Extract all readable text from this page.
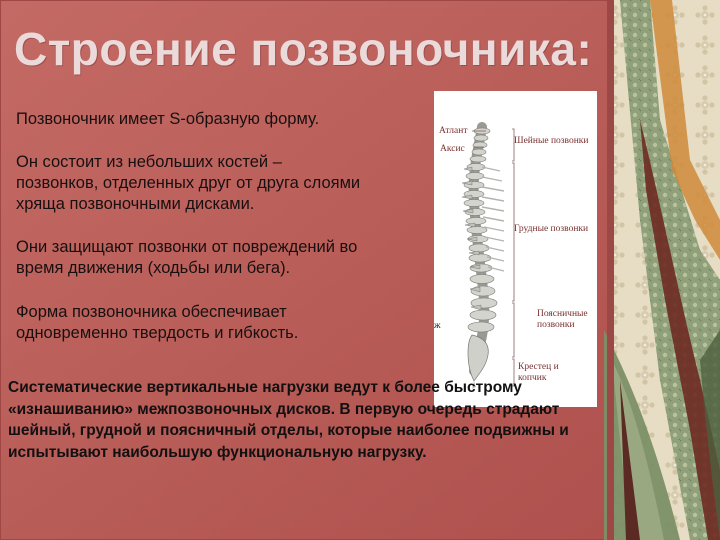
Строение позвоночника:

Позвоночник имеет S-образную форму.

Он состоит из небольших костей – позвонков, отделенных друг от друга слоями хряща позвоночными дисками.

Они защищают позвонки от повреждений во время движения (ходьбы или бега).

Форма позвоночника обеспечивает одновременно твердость и гибкость.

Атлант
Аксис
Шейные позвонки
Грудные позвонки
Поясничные позвонки
Крестец и копчик
ж

Систематические вертикальные нагрузки ведут к более быстрому «изнашиванию» межпозвоночных дисков. В первую очередь страдают шейный, грудной и поясничный отделы, которые наиболее подвижны и испытывают наибольшую функциональную нагрузку.
